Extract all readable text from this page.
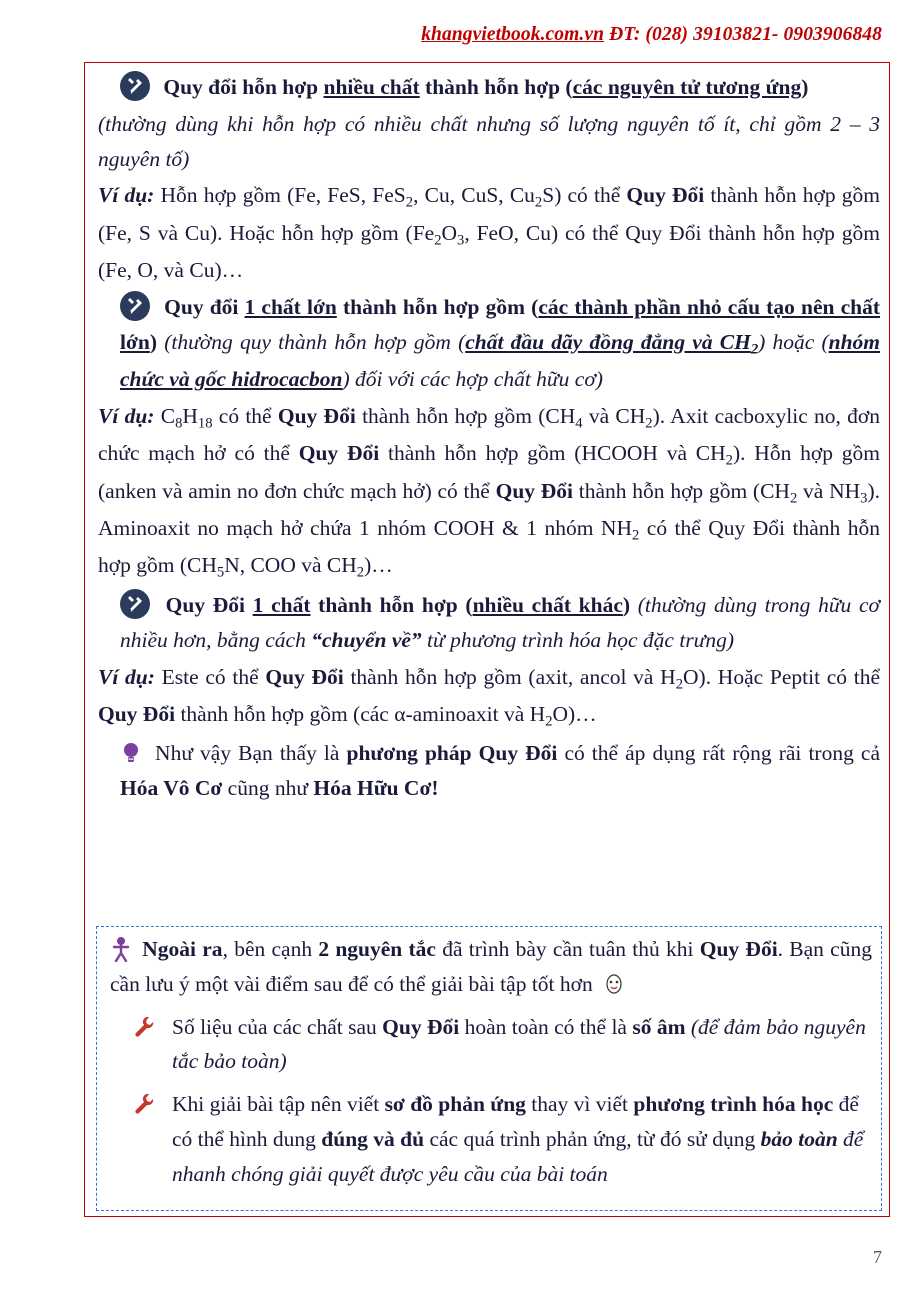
khangvietbook.com.vn ĐT: (028) 39103821- 0903906848

Quy đổi hỗn hợp nhiều chất thành hỗn hợp (các nguyên tử tương ứng)

(thường dùng khi hỗn hợp có nhiều chất nhưng số lượng nguyên tố ít, chỉ gồm 2 – 3 nguyên tố)

Ví dụ: Hỗn hợp gồm (Fe, FeS, FeS$_2$, Cu, CuS, $Cu_2S$) có thể Quy Đổi thành hỗn hợp gồm (Fe, S và Cu). Hoặc hỗn hợp gồm ($Fe_2O_3$, FeO, Cu) có thể Quy Đổi thành hỗn hợp gồm (Fe, O, và Cu)…

Quy đổi 1 chất lớn thành hỗn hợp gồm (các thành phần nhỏ cấu tạo nên chất lớn) (thường quy thành hỗn hợp gồm (chất đầu dãy đồng đẳng và $CH_2$) hoặc (nhóm chức và gốc hidrocacbon) đối với các hợp chất hữu cơ)

Ví dụ: $C_8H_{18}$ có thể Quy Đổi thành hỗn hợp gồm ($CH_4$ và $CH_2$). Axit cacboxylic no, đơn chức mạch hở có thể Quy Đổi thành hỗn hợp gồm (HCOOH và $CH_2$). Hỗn hợp gồm (anken và amin no đơn chức mạch hở) có thể Quy Đổi thành hỗn hợp gồm ($CH_2$ và $NH_3$). Aminoaxit no mạch hở chứa 1 nhóm COOH & 1 nhóm $NH_2$ có thể Quy Đổi thành hỗn hợp gồm ($CH_5N$, COO và $CH_2)\dots$

Quy Đổi 1 chất thành hỗn hợp (nhiều chất khác) (thường dùng trong hữu cơ nhiều hơn, bằng cách “chuyển về” từ phương trình hóa học đặc trưng)

Ví dụ: Este có thể Quy Đổi thành hỗn hợp gồm (axit, ancol và $H_2O$). Hoặc Peptit có thể Quy Đổi thành hỗn hợp gồm (các α-aminoaxit và $H_2O)\dots$

Như vậy Bạn thấy là phương pháp Quy Đổi có thể áp dụng rất rộng rãi trong cả Hóa Vô Cơ cũng như Hóa Hữu Cơ!

Ngoài ra, bên cạnh 2 nguyên tắc đã trình bày cần tuân thủ khi Quy Đổi. Bạn cũng cần lưu ý một vài điểm sau để có thể giải bài tập tốt hơn

Số liệu của các chất sau Quy Đổi hoàn toàn có thể là số âm (để đảm bảo nguyên tắc bảo toàn)
Khi giải bài tập nên viết sơ đồ phản ứng thay vì viết phương trình hóa học để có thể hình dung đúng và đủ các quá trình phản ứng, từ đó sử dụng bảo toàn để nhanh chóng giải quyết được yêu cầu của bài toán
7
